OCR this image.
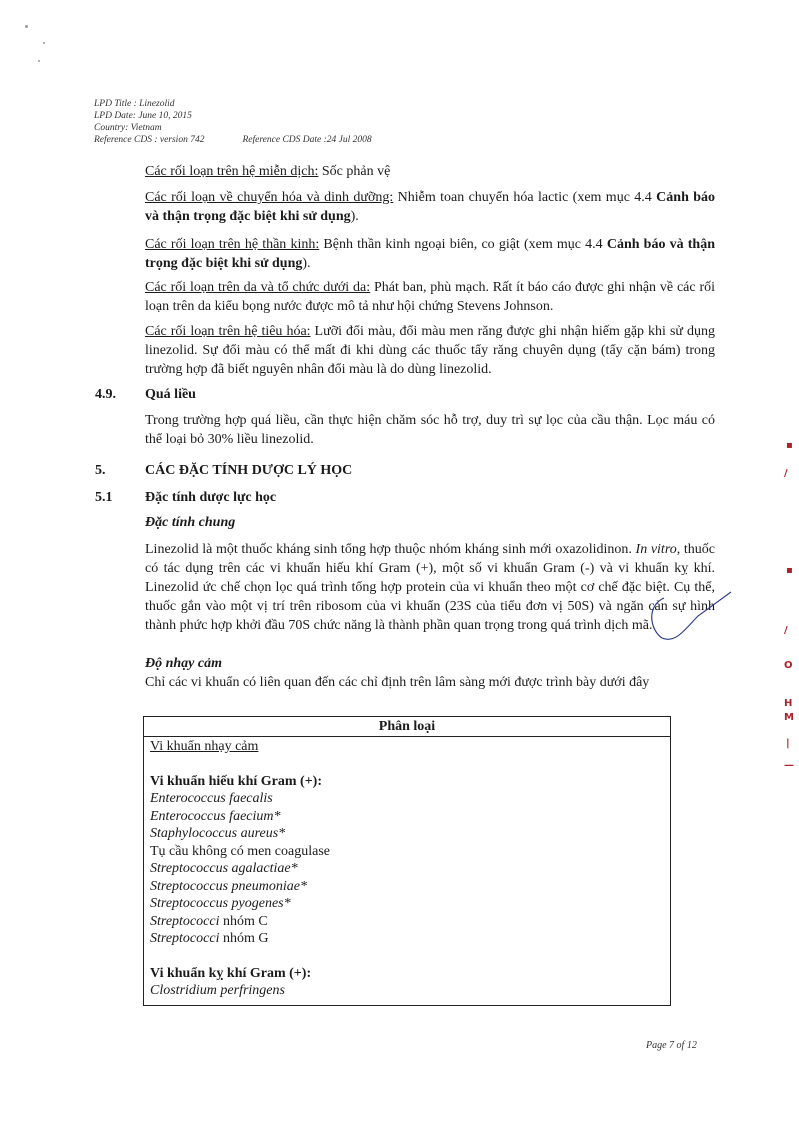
LPD Title : Linezolid
LPD Date: June 10, 2015
Country: Vietnam
Reference CDS : version 742	Reference CDS Date :24 Jul 2008
Các rối loạn trên hệ miễn dịch: Sốc phản vệ
Các rối loạn về chuyển hóa và dinh dưỡng: Nhiễm toan chuyển hóa lactic (xem mục 4.4 Cảnh báo và thận trọng đặc biệt khi sử dụng).
Các rối loạn trên hệ thần kinh: Bệnh thần kinh ngoại biên, co giật (xem mục 4.4 Cảnh báo và thận trọng đặc biệt khi sử dụng).
Các rối loạn trên da và tổ chức dưới da: Phát ban, phù mạch. Rất ít báo cáo được ghi nhận về các rối loạn trên da kiểu bọng nước được mô tả như hội chứng Stevens Johnson.
Các rối loạn trên hệ tiêu hóa: Lưỡi đổi màu, đổi màu men răng được ghi nhận hiếm gặp khi sử dụng linezolid. Sự đổi màu có thể mất đi khi dùng các thuốc tẩy răng chuyên dụng (tẩy cặn bám) trong trường hợp đã biết nguyên nhân đổi màu là do dùng linezolid.
4.9. Quá liều
Trong trường hợp quá liều, cần thực hiện chăm sóc hỗ trợ, duy trì sự lọc của cầu thận. Lọc máu có thể loại bỏ 30% liều linezolid.
5.	CÁC ĐẶC TÍNH DƯỢC LÝ HỌC
5.1 Đặc tính dược lực học
Đặc tính chung
Linezolid là một thuốc kháng sinh tổng hợp thuộc nhóm kháng sinh mới oxazolidinon. In vitro, thuốc có tác dụng trên các vi khuẩn hiếu khí Gram (+), một số vi khuẩn Gram (-) và vi khuẩn kỵ khí. Linezolid ức chế chọn lọc quá trình tổng hợp protein của vi khuẩn theo một cơ chế đặc biệt. Cụ thể, thuốc gắn vào một vị trí trên ribosom của vi khuẩn (23S của tiểu đơn vị 50S) và ngăn cản sự hình thành phức hợp khởi đầu 70S chức năng là thành phần quan trọng trong quá trình dịch mã.
Độ nhạy cảm
Chỉ các vi khuẩn có liên quan đến các chỉ định trên lâm sàng mới được trình bày dưới đây
Phân loại
Vi khuẩn nhạy cảm
Vi khuẩn hiếu khí Gram (+):
Enterococcus faecalis
Enterococcus faecium*
Staphylococcus aureus*
Tụ cầu không có men coagulase
Streptococcus agalactiae*
Streptococcus pneumoniae*
Streptococcus pyogenes*
Streptococci nhóm C
Streptococci nhóm G
Vi khuẩn kỵ khí Gram (+):
Clostridium perfringens
Page 7 of 12
▪
/
▪
/
O
H
M
|
—
